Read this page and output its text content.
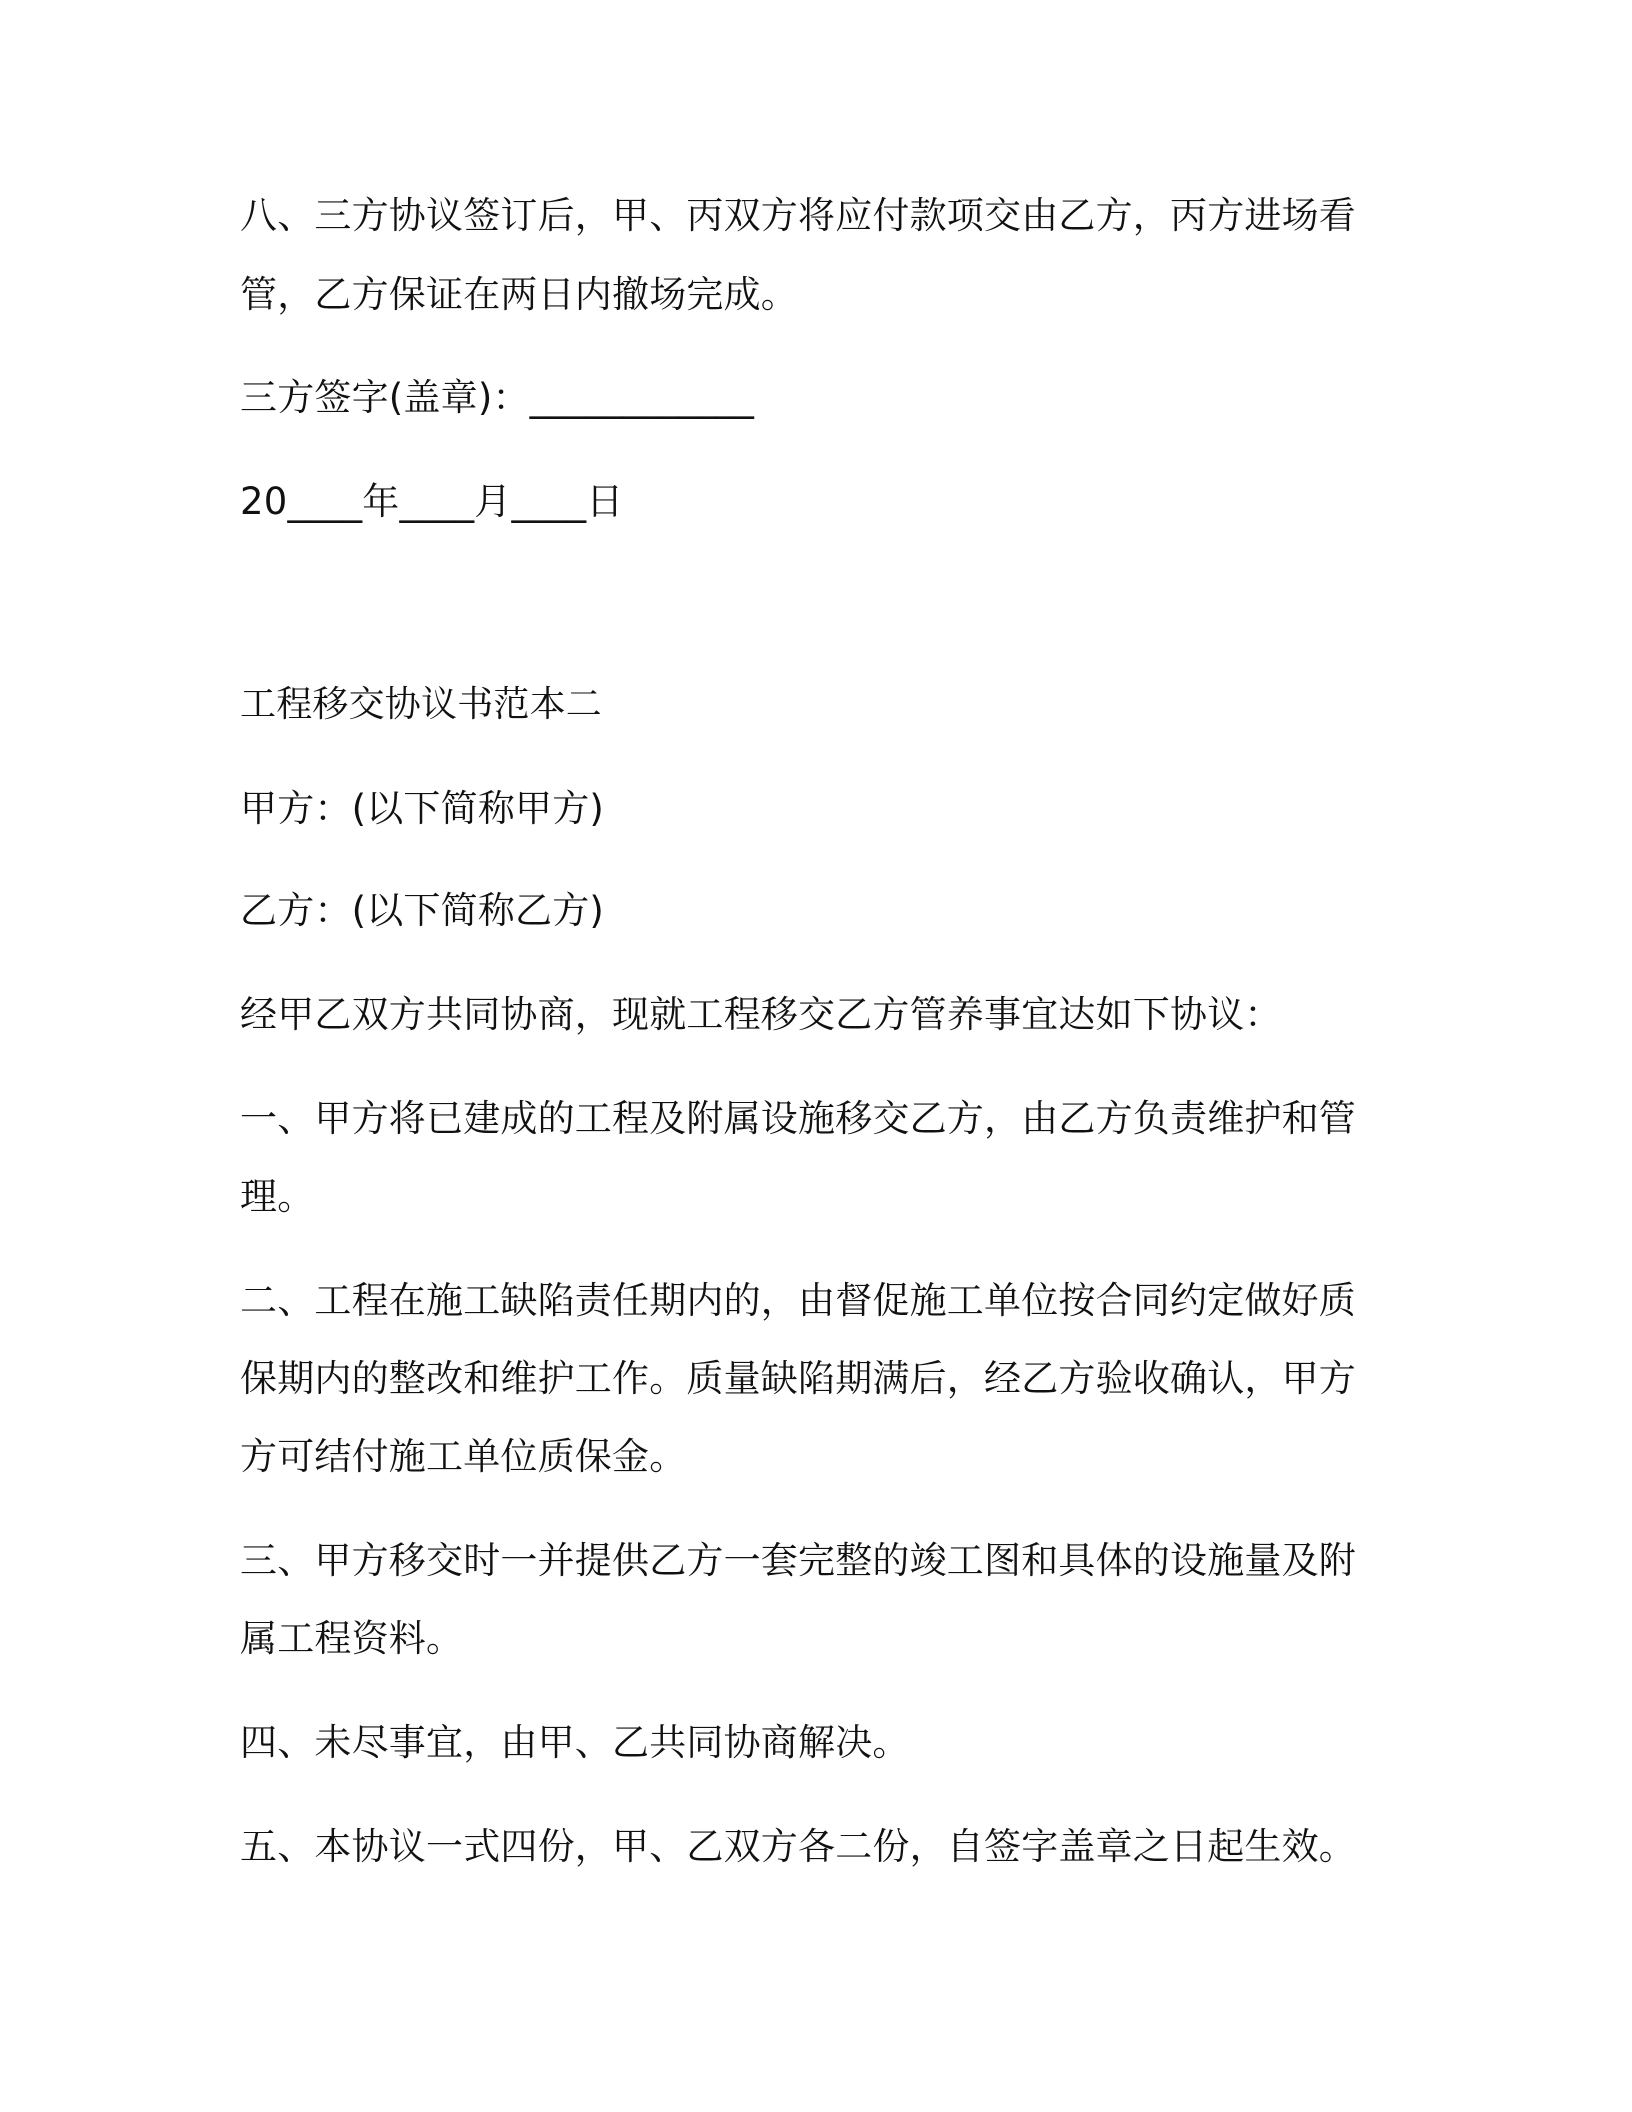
八、三方协议签订后，甲、丙双方将应付款项交由乙方，丙方进场看
管，乙方保证在两日内撤场完成。
三方签字(盖章)：____________
20____年____月____日
工程移交协议书范本二
甲方：(以下简称甲方)
乙方：(以下简称乙方)
经甲乙双方共同协商，现就工程移交乙方管养事宜达如下协议：
一、甲方将已建成的工程及附属设施移交乙方，由乙方负责维护和管
理。
二、工程在施工缺陷责任期内的，由督促施工单位按合同约定做好质
保期内的整改和维护工作。质量缺陷期满后，经乙方验收确认，甲方
方可结付施工单位质保金。
三、甲方移交时一并提供乙方一套完整的竣工图和具体的设施量及附
属工程资料。
四、未尽事宜，由甲、乙共同协商解决。
五、本协议一式四份，甲、乙双方各二份，自签字盖章之日起生效。
